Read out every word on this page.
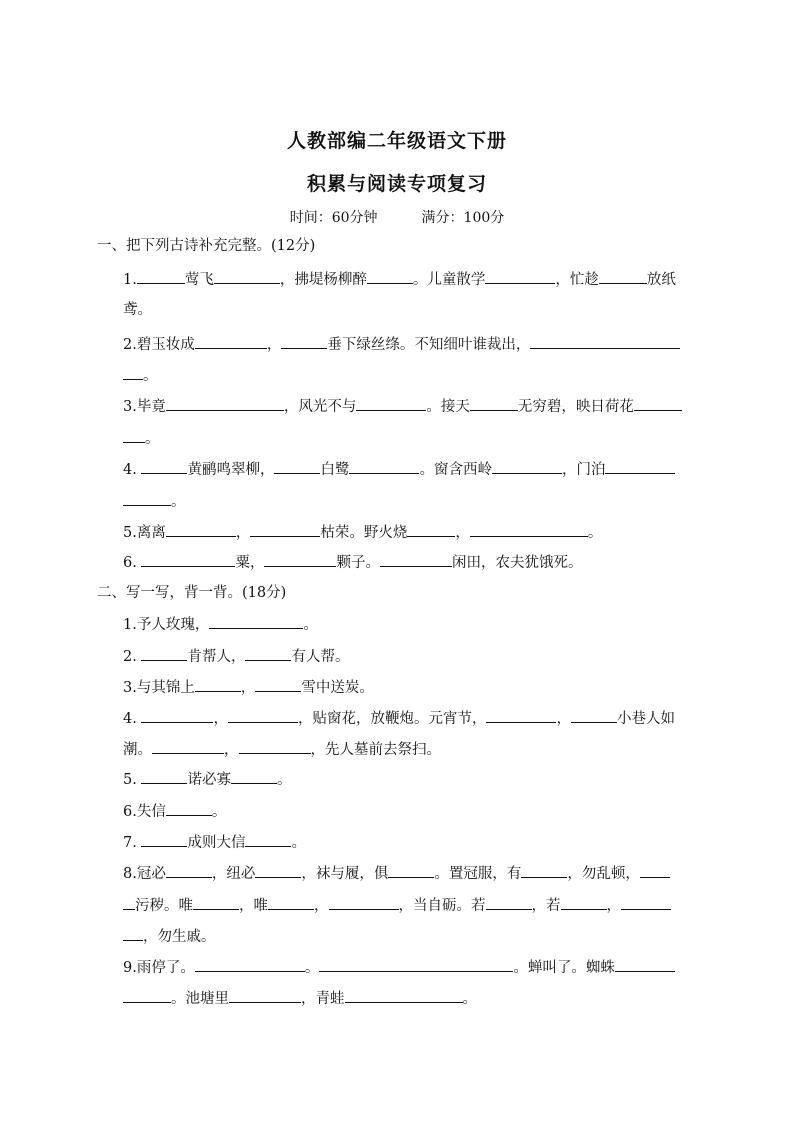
人教部编二年级语文下册
积累与阅读专项复习
时间：60分钟	满分：100分
一、把下列古诗补充完整。(12分)
1.	莺飞	，拂堤杨柳醉	。儿童散学	，忙趁	放纸
鸢。
2.碧玉妆成	，	垂下绿丝绦。不知细叶谁裁出，
。
3.毕竟	，风光不与	。接天	无穷碧，映日荷花
。
4.	黄鹂鸣翠柳，	白鹭	。窗含西岭	，门泊
。
5.离离	，	枯荣。野火烧	，	。
6.	粟，	颗子。	闲田，农夫犹饿死。
二、写一写，背一背。(18分)
1.予人玫瑰，	。
2.	肯帮人，	有人帮。
3.与其锦上	，	雪中送炭。
4.	，	，贴窗花，放鞭炮。元宵节，	，	小巷人如
潮。	，	，先人墓前去祭扫。
5.	诺必寡	。
6.失信	。
7.	成则大信	。
8.冠必	，纽必	，袜与履，俱	。置冠服，有	，勿乱顿，
污秽。唯	，唯	，	，当自砺。若	，若	，
，勿生戚。
9.雨停了。	。	。蝉叫了。蜘蛛
。池塘里	，青蛙	。
